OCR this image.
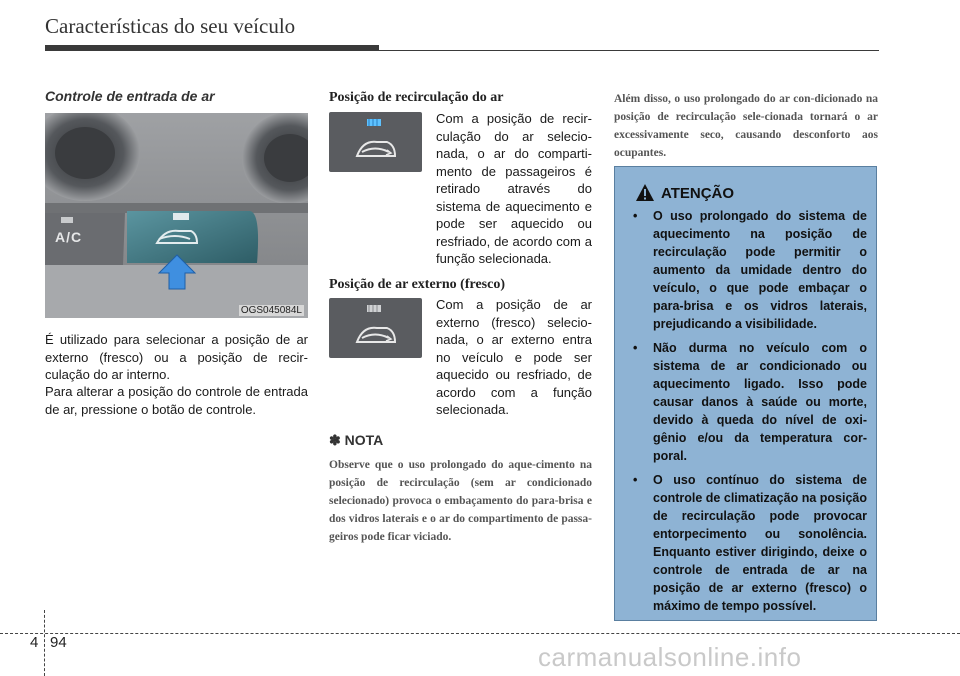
Características do seu veículo
Controle de entrada de ar
A/C
OGS045084L
É utilizado para selecionar a posição de ar externo (fresco) ou a posição de recir-culação do ar interno.
Para alterar a posição do controle de entrada de ar, pressione o botão de controle.
Posição de recirculação do ar
Com a posição de recir-culação do ar selecio-nada, o ar do comparti-mento de passageiros é retirado através do sistema de aquecimento e pode ser aquecido ou resfriado, de acordo com a função selecionada.
Posição de ar externo (fresco)
Com a posição de ar externo (fresco) selecio-nada, o ar externo entra no veículo e pode ser aquecido ou resfriado, de acordo com a função selecionada.
✽ NOTA
Observe que o uso prolongado do aque-cimento na posição de recirculação (sem ar condicionado selecionado) provoca o embaçamento do para-brisa e dos vidros laterais e o ar do compartimento de passa-geiros pode ficar viciado.
Além disso, o uso prolongado do ar con-dicionado na posição de recirculação sele-cionada tornará o ar excessivamente seco, causando desconforto aos ocupantes.
ATENÇÃO
• O uso prolongado do sistema de aquecimento na posição de recirculação pode permitir o aumento da umidade dentro do veículo, o que pode embaçar o para-brisa e os vidros laterais, prejudicando a visibilidade.
• Não durma no veículo com o sistema de ar condicionado ou aquecimento ligado. Isso pode causar danos à saúde ou morte, devido à queda do nível de oxi-gênio e/ou da temperatura cor-poral.
• O uso contínuo do sistema de controle de climatização na posição de recirculação pode provocar entorpecimento ou sonolência. Enquanto estiver dirigindo, deixe o controle de entrada de ar na posição de ar externo (fresco) o máximo de tempo possível.
4 94	carmanualsonline.info
